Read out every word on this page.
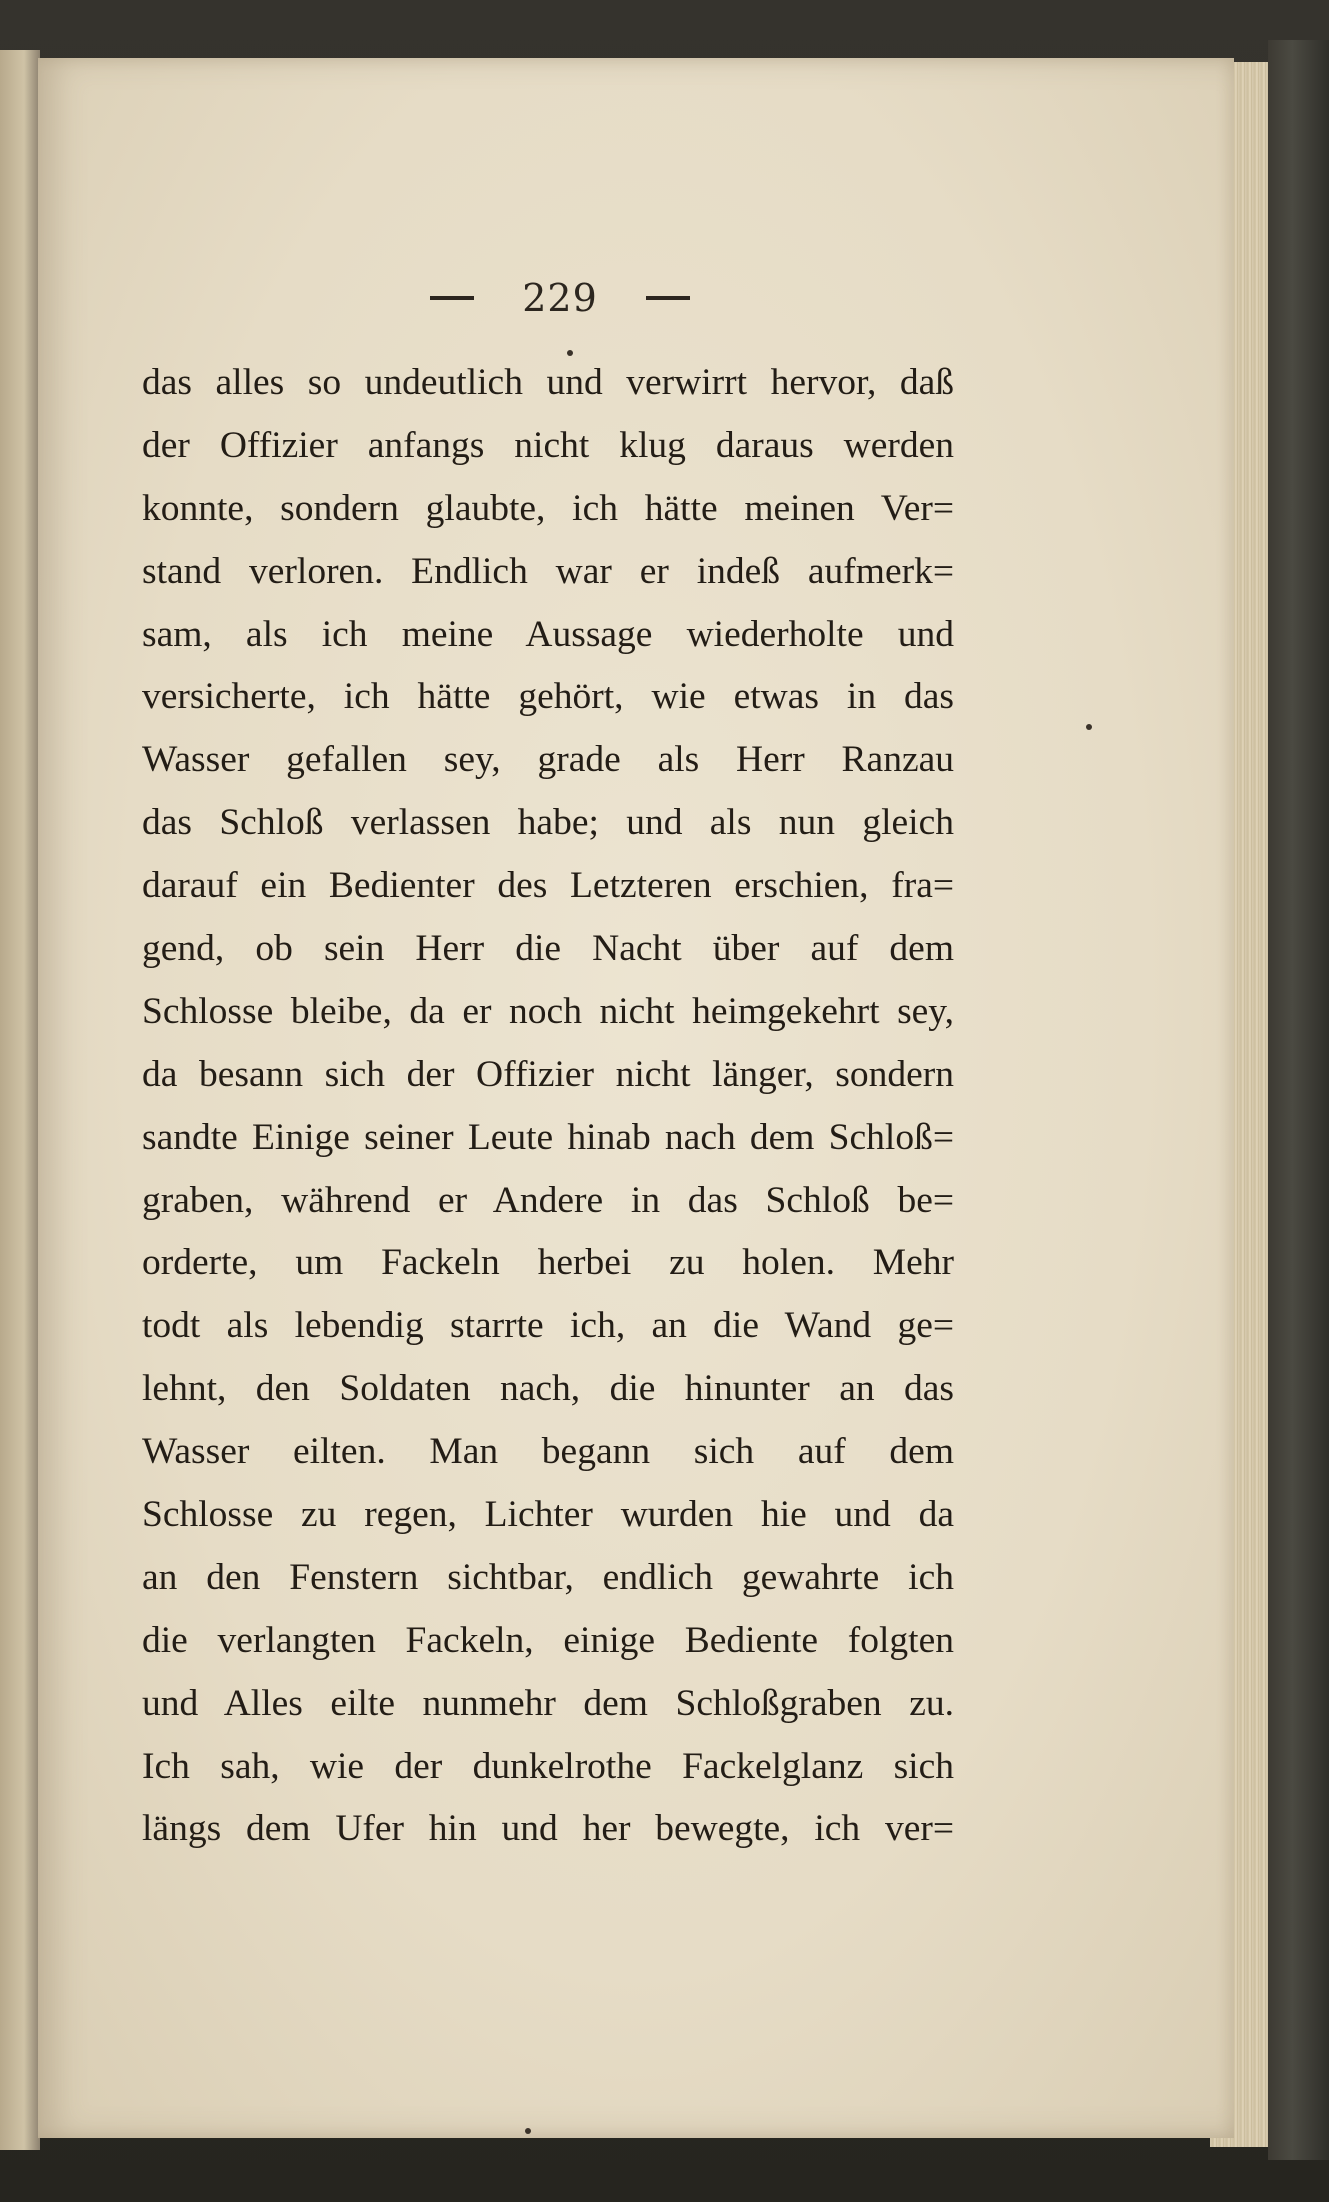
229
das alles so undeutlich und verwirrt hervor, daß
der Offizier anfangs nicht klug daraus werden
konnte, sondern glaubte, ich hätte meinen Ver=
stand verloren. Endlich war er indeß aufmerk=
sam, als ich meine Aussage wiederholte und
versicherte, ich hätte gehört, wie etwas in das
Wasser gefallen sey, grade als Herr Ranzau
das Schloß verlassen habe; und als nun gleich
darauf ein Bedienter des Letzteren erschien, fra=
gend, ob sein Herr die Nacht über auf dem
Schlosse bleibe, da er noch nicht heimgekehrt sey,
da besann sich der Offizier nicht länger, sondern
sandte Einige seiner Leute hinab nach dem Schloß=
graben, während er Andere in das Schloß be=
orderte, um Fackeln herbei zu holen. Mehr
todt als lebendig starrte ich, an die Wand ge=
lehnt, den Soldaten nach, die hinunter an das
Wasser eilten. Man begann sich auf dem
Schlosse zu regen, Lichter wurden hie und da
an den Fenstern sichtbar, endlich gewahrte ich
die verlangten Fackeln, einige Bediente folgten
und Alles eilte nunmehr dem Schloßgraben zu.
Ich sah, wie der dunkelrothe Fackelglanz sich
längs dem Ufer hin und her bewegte, ich ver=
